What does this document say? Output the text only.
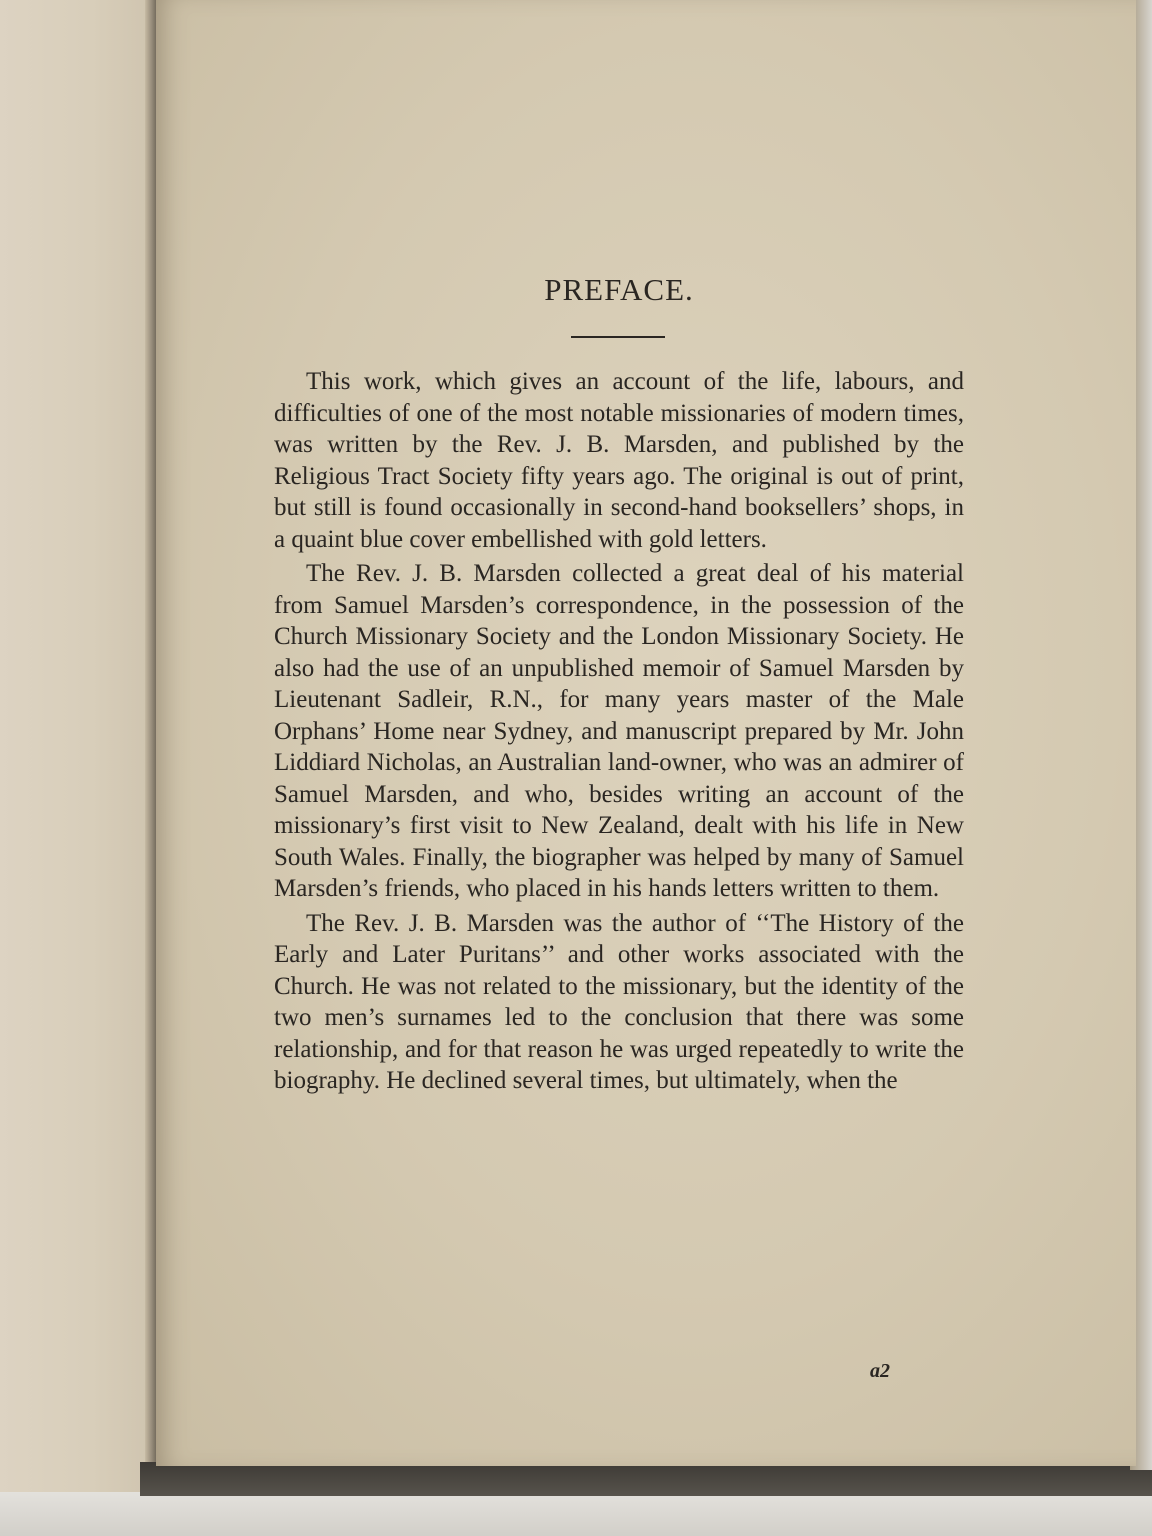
PREFACE.

This work, which gives an account of the life, labours, and difficulties of one of the most notable missionaries of modern times, was written by the Rev. J. B. Marsden, and published by the Religious Tract Society fifty years ago. The original is out of print, but still is found occasionally in second-hand booksellers’ shops, in a quaint blue cover embellished with gold letters.

The Rev. J. B. Marsden collected a great deal of his material from Samuel Marsden’s correspondence, in the possession of the Church Missionary Society and the London Missionary Society. He also had the use of an unpublished memoir of Samuel Marsden by Lieutenant Sadleir, R.N., for many years master of the Male Orphans’ Home near Sydney, and manuscript prepared by Mr. John Liddiard Nicholas, an Australian land-owner, who was an admirer of Samuel Marsden, and who, besides writing an account of the missionary’s first visit to New Zealand, dealt with his life in New South Wales. Finally, the biographer was helped by many of Samuel Marsden’s friends, who placed in his hands letters written to them.

The Rev. J. B. Marsden was the author of ‘‘The History of the Early and Later Puritans’’ and other works associated with the Church. He was not related to the missionary, but the identity of the two men’s surnames led to the conclusion that there was some relationship, and for that reason he was urged repeatedly to write the biography. He declined several times, but ultimately, when the

a2
